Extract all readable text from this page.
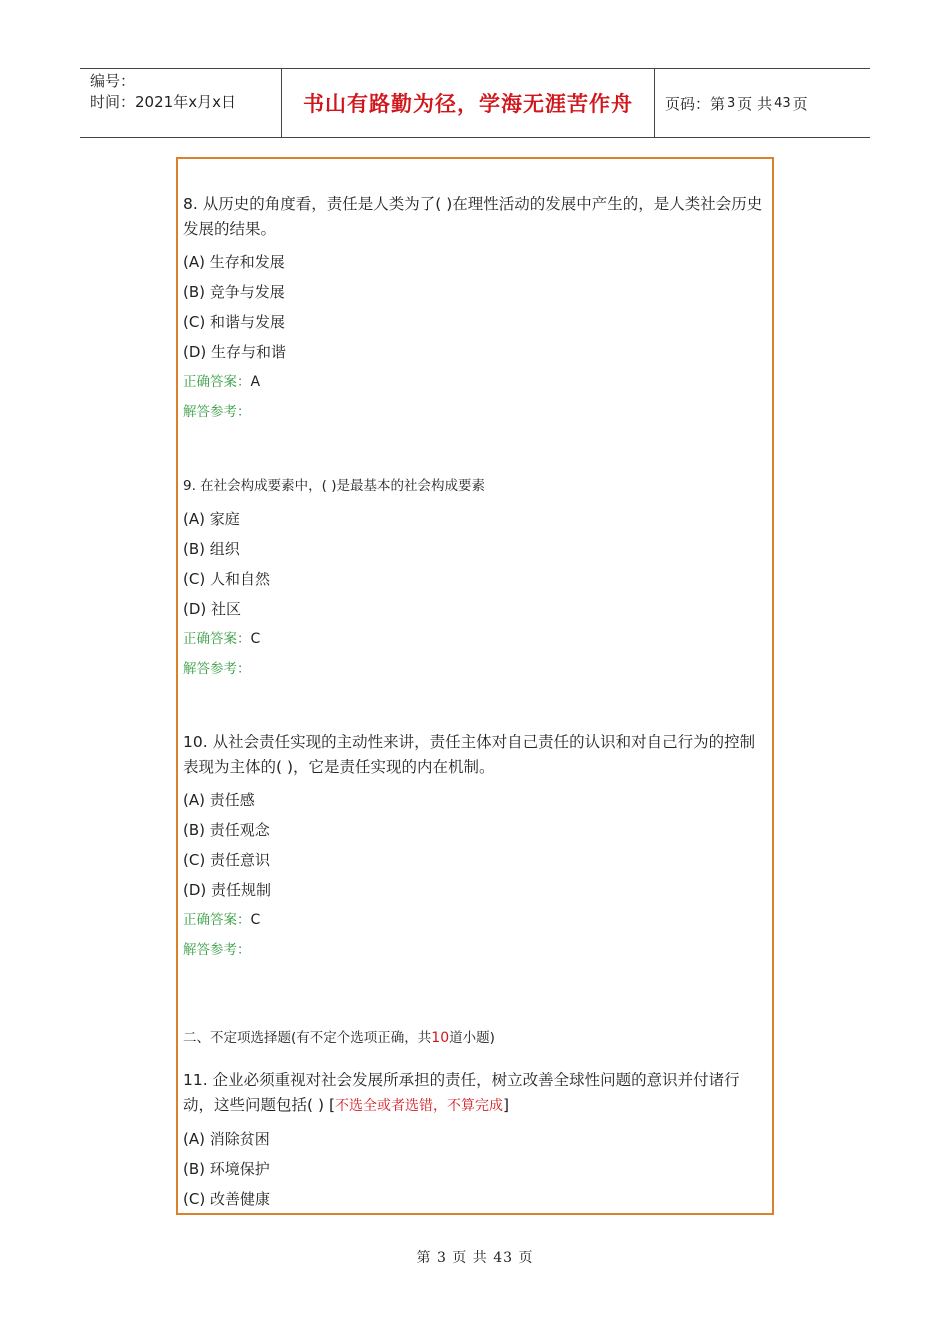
编号：
时间：2021年x月x日	书山有路勤为径，学海无涯苦作舟 页码：第 3 页 共 43 页

8. 从历史的角度看，责任是人类为了( )在理性活动的发展中产生的，是人类社会历史发展的结果。

(A) 生存和发展
(B) 竞争与发展
(C) 和谐与发展
(D) 生存与和谐
正确答案：A
解答参考：

9. 在社会构成要素中，( )是最基本的社会构成要素

(A) 家庭
(B) 组织
(C) 人和自然
(D) 社区
正确答案：C
解答参考：

10. 从社会责任实现的主动性来讲，责任主体对自己责任的认识和对自己行为的控制表现为主体的( )，它是责任实现的内在机制。

(A) 责任感
(B) 责任观念
(C) 责任意识
(D) 责任规制
正确答案：C
解答参考：
二、不定项选择题(有不定个选项正确，共10道小题)

11. 企业必须重视对社会发展所承担的责任，树立改善全球性问题的意识并付诸行动，这些问题包括( ) [不选全或者选错，不算完成]

(A) 消除贫困
(B) 环境保护
(C) 改善健康
第 3 页 共 43 页
